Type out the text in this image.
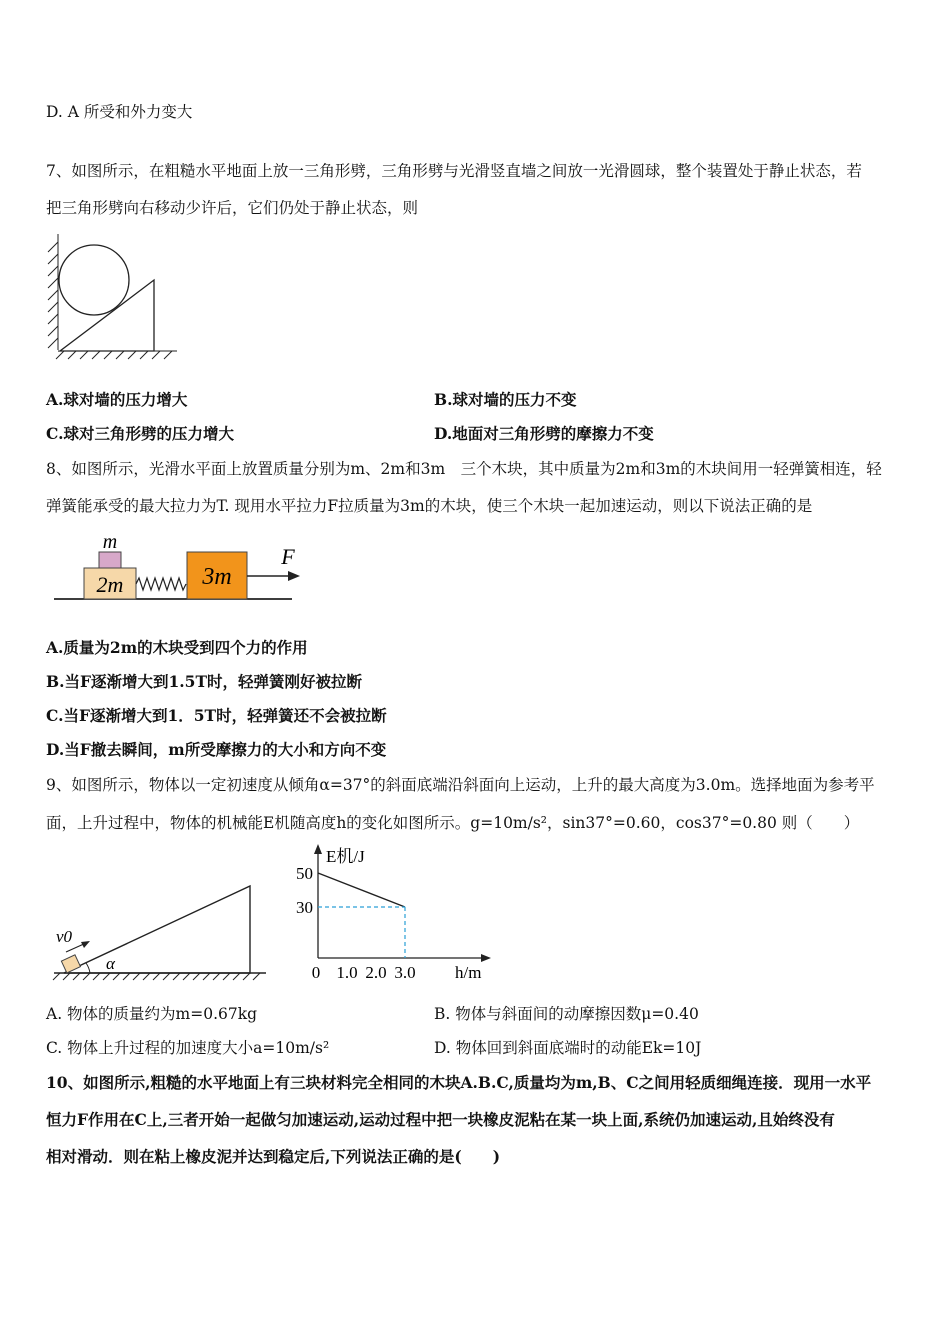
D. A 所受和外力变大
7、如图所示，在粗糙水平地面上放一三角形劈，三角形劈与光滑竖直墙之间放一光滑圆球，整个装置处于静止状态，若
把三角形劈向右移动少许后，它们仍处于静止状态，则
A.球对墙的压力增大	B.球对墙的压力不变
C.球对三角形劈的压力增大	D.地面对三角形劈的摩擦力不变
8、如图所示，光滑水平面上放置质量分别为m、2m和3m　三个木块，其中质量为2m和3m的木块间用一轻弹簧相连，轻
弹簧能承受的最大拉力为T. 现用水平拉力F拉质量为3m的木块，使三个木块一起加速运动，则以下说法正确的是
m
2m	3m
F
A.质量为2m的木块受到四个力的作用
B.当F逐渐增大到1.5T时，轻弹簧刚好被拉断
C.当F逐渐增大到1．5T时，轻弹簧还不会被拉断
D.当F撤去瞬间，m所受摩擦力的大小和方向不变
9、如图所示，物体以一定初速度从倾角α=37°的斜面底端沿斜面向上运动，上升的最大高度为3.0m。选择地面为参考平
面，上升过程中，物体的机械能E机随高度h的变化如图所示。g=10m/s²，sin37°=0.60，cos37°=0.80 则（　　）
v0
α
E机/J
h/m
50
30
0 1.0 2.0 3.0
A. 物体的质量约为m=0.67kg	B. 物体与斜面间的动摩擦因数μ=0.40
C. 物体上升过程的加速度大小a=10m/s²	D. 物体回到斜面底端时的动能Ek=10J
10、如图所示,粗糙的水平地面上有三块材料完全相同的木块A.B.C,质量均为m,B、C之间用轻质细绳连接．现用一水平
恒力F作用在C上,三者开始一起做匀加速运动,运动过程中把一块橡皮泥粘在某一块上面,系统仍加速运动,且始终没有
相对滑动．则在粘上橡皮泥并达到稳定后,下列说法正确的是(　　)
